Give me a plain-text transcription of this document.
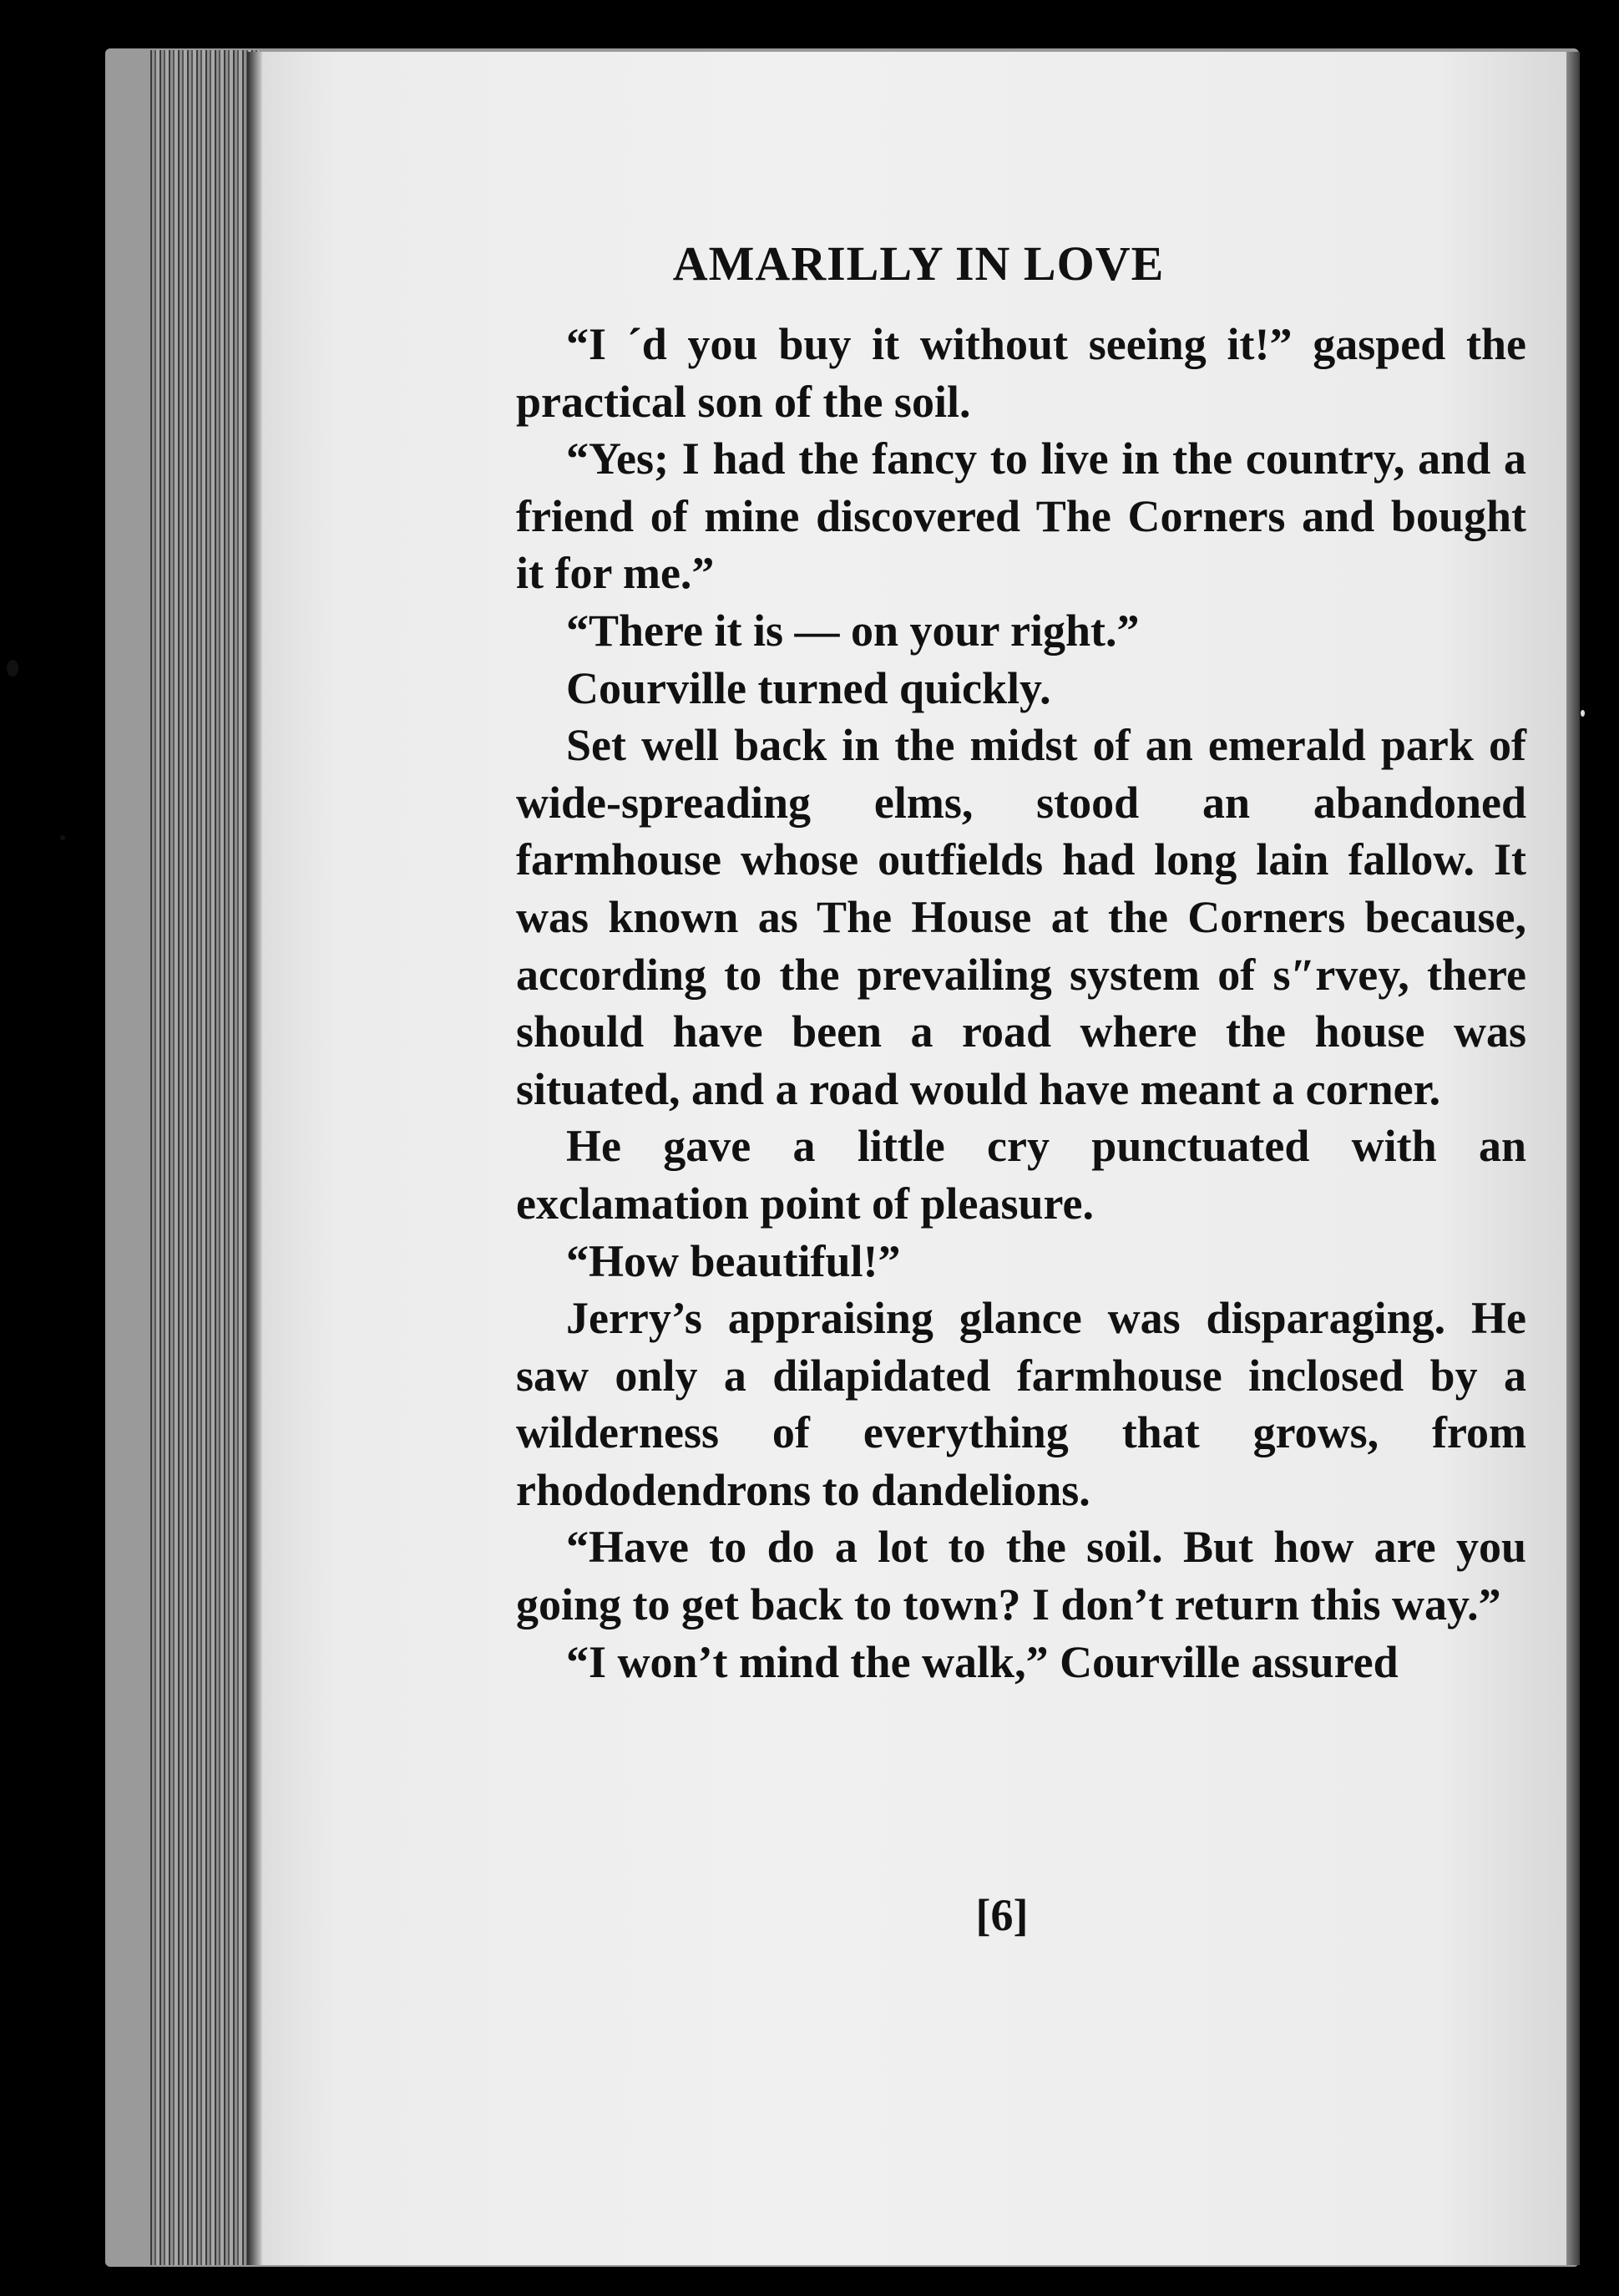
AMARILLY IN LOVE

“I ´d you buy it without seeing it!” gasped the practical son of the soil.

“Yes; I had the fancy to live in the country, and a friend of mine discovered The Corners and bought it for me.”

“There it is — on your right.”

Courville turned quickly.

Set well back in the midst of an emerald park of wide-spreading elms, stood an abandoned farmhouse whose outfields had long lain fallow. It was known as The House at the Corners because, according to the prevailing system of s″rvey, there should have been a road where the house was situated, and a road would have meant a corner.

He gave a little cry punctuated with an exclamation point of pleasure.

“How beautiful!”

Jerry’s appraising glance was disparaging. He saw only a dilapidated farmhouse inclosed by a wilderness of everything that grows, from rhododendrons to dandelions.

“Have to do a lot to the soil. But how are you going to get back to town? I don’t return this way.”

“I won’t mind the walk,” Courville assured

[6]
